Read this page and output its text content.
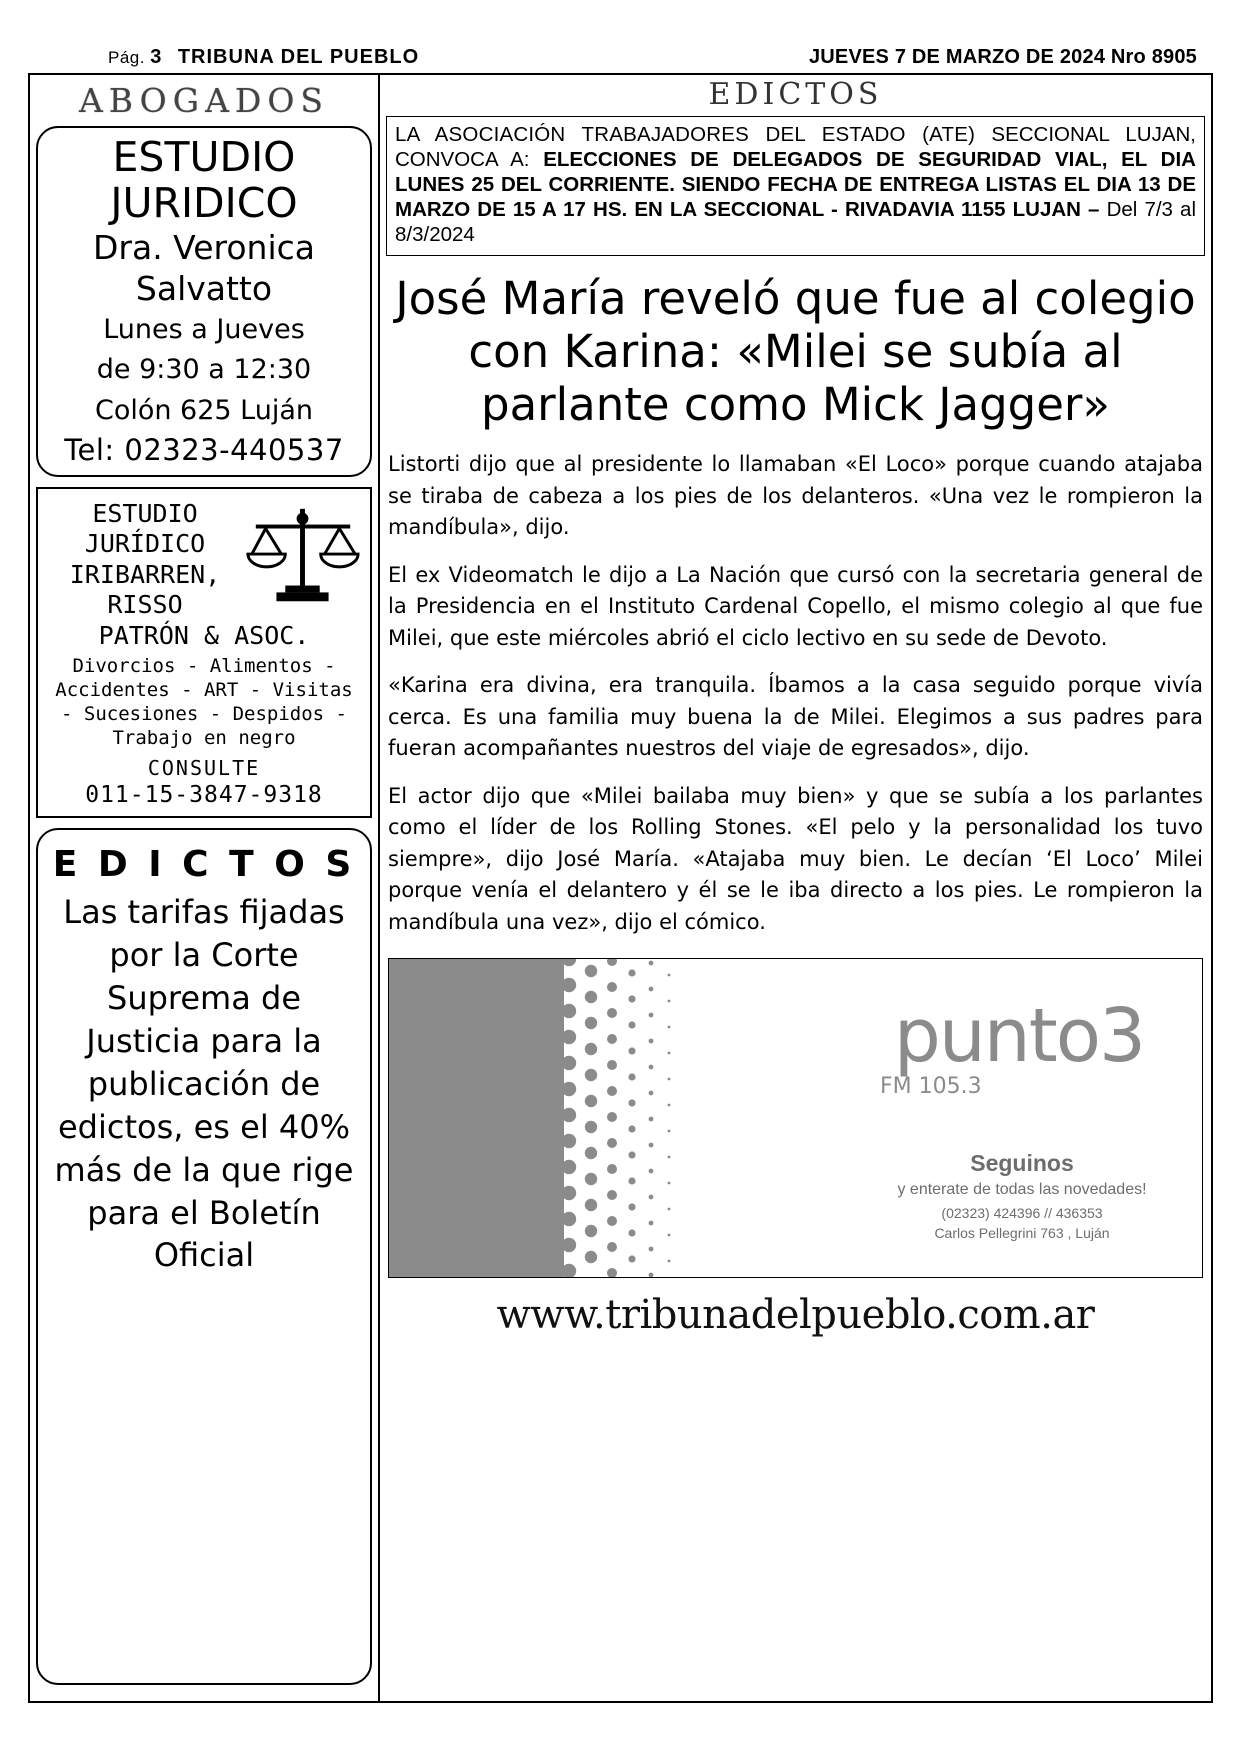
Pág. 3 TRIBUNA DEL PUEBLO	JUEVES 7 DE MARZO DE 2024 Nro 8905
ABOGADOS
ESTUDIO
JURIDICO
Dra. Veronica
Salvatto
Lunes a Jueves
de 9:30 a 12:30
Colón 625 Luján
Tel: 02323-440537
ESTUDIO
JURÍDICO
IRIBARREN,
RISSO
PATRÓN & ASOC.
Divorcios - Alimentos - Accidentes - ART - Visitas - Sucesiones - Despidos - Trabajo en negro
CONSULTE
011-15-3847-9318
E D I C T O S
Las tarifas fijadas por la Corte Suprema de Justicia para la publicación de edictos, es el 40% más de la que rige para el Boletín Oficial
EDICTOS
LA ASOCIACIÓN TRABAJADORES DEL ESTADO (ATE) SECCIONAL LUJAN, CONVOCA A: ELECCIONES DE DELEGADOS DE SEGURIDAD VIAL, EL DIA LUNES 25 DEL CORRIENTE. SIENDO FECHA DE ENTREGA LISTAS EL DIA 13 DE MARZO DE 15 A 17 HS. EN LA SECCIONAL - RIVADAVIA 1155 LUJAN – Del 7/3 al 8/3/2024
José María reveló que fue al colegio con Karina: «Milei se subía al parlante como Mick Jagger»
Listorti dijo que al presidente lo llamaban «El Loco» porque cuando atajaba se tiraba de cabeza a los pies de los delanteros. «Una vez le rompieron la mandíbula», dijo.
El ex Videomatch le dijo a La Nación que cursó con la secretaria general de la Presidencia en el Instituto Cardenal Copello, el mismo colegio al que fue Milei, que este miércoles abrió el ciclo lectivo en su sede de Devoto.
«Karina era divina, era tranquila. Íbamos a la casa seguido porque vivía cerca. Es una familia muy buena la de Milei. Elegimos a sus padres para fueran acompañantes nuestros del viaje de egresados», dijo.
El actor dijo que «Milei bailaba muy bien» y que se subía a los parlantes como el líder de los Rolling Stones. «El pelo y la personalidad los tuvo siempre», dijo José María. «Atajaba muy bien. Le decían ‘El Loco’ Milei porque venía el delantero y él se le iba directo a los pies. Le rompieron la mandíbula una vez», dijo el cómico.
punto3
FM 105.3
Seguinos
y enterate de todas las novedades!
(02323) 424396 // 436353
Carlos Pellegrini 763 , Luján
www.tribunadelpueblo.com.ar
